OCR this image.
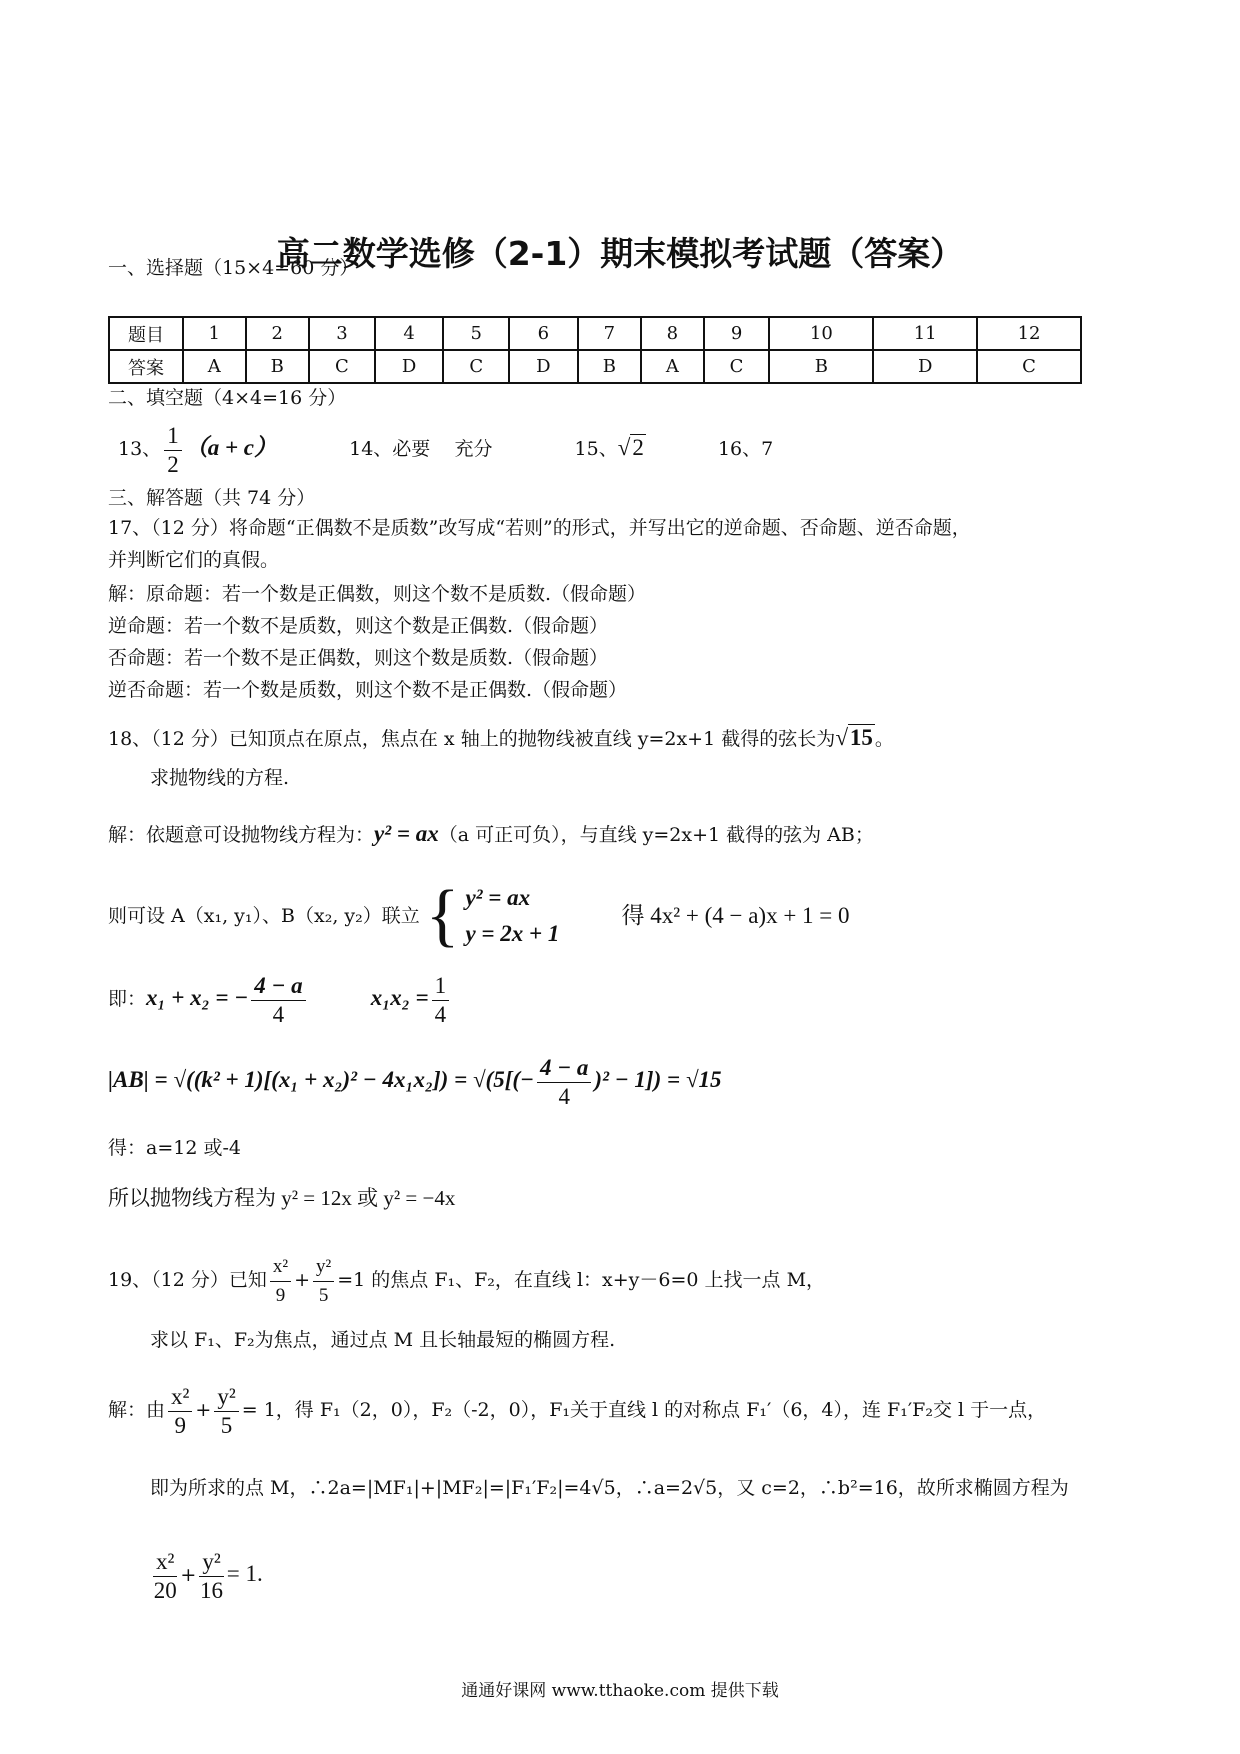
高二数学选修（2-1）期末模拟考试题（答案）
一、选择题（15×4=60 分）
题目	1	2	3	4	5	6	7	8	9	10	11	12
答案	A	B	C	D	C	D	B	A	C	B	D	C
二、填空题（4×4=16 分）
13、 $\frac{1}{2} (a + c)$	14、必要    充分	15、√2	16、7
三、解答题（共 74 分）
17、（12 分）将命题“正偶数不是质数”改写成“若则”的形式，并写出它的逆命题、否命题、逆否命题，
并判断它们的真假。
解：原命题：若一个数是正偶数，则这个数不是质数.（假命题）
逆命题：若一个数不是质数，则这个数是正偶数.（假命题）
否命题：若一个数不是正偶数，则这个数是质数.（假命题）
逆否命题：若一个数是质数，则这个数不是正偶数.（假命题）
18、（12 分）已知顶点在原点，焦点在 x 轴上的抛物线被直线 y=2x+1 截得的弦长为√15 。
求抛物线的方程.
解：依题意可设抛物线方程为：y² = ax（a 可正可负），与直线 y=2x+1 截得的弦为 AB；
则可设 A（x₁, y₁）、B（x₂, y₂）联立 { y² = ax
y = 2x + 1
得 4x² + (4 − a)x + 1 = 0
即：x₁ + x₂ = − $\frac{4 - a}{4}$	$x_1x_2 = \frac{1}{4}$
$|AB| = √((k^2 + 1)[(x_1 + x_2)^2 - 4x_1x_2]) = √(5[(- \frac{4 - a}{4} )^2 - 1]) = √15$
得：a=12 或-4
所以抛物线方程为 y² = 12x 或 y² = −4x
19、（12 分）已知 $\frac{\text{x²}}{9} + \frac{\text{y²}}{5} =1$ 的焦点 F₁、F₂，在直线 l：x+y－6=0 上找一点 M，
求以 F₁、F₂为焦点，通过点 M 且长轴最短的椭圆方程.
解：由 $\frac{\text{x²}}{9} + \frac{\text{y²}}{5} = 1$，得 F₁（2，0），F₂（-2，0），F₁关于直线 l 的对称点 F₁′（6，4），连 F₁′F₂交 l 于一点，
即为所求的点 M，∴2a=|MF₁|+|MF₂|=|F₁′F₂|=4√5，∴a=2√5，又 c=2，∴b²=16，故所求椭圆方程为
$\frac{\text{x²}}{20} + \frac{\text{y²}}{16} = 1$.
通通好课网 www.tthaoke.com 提供下载
